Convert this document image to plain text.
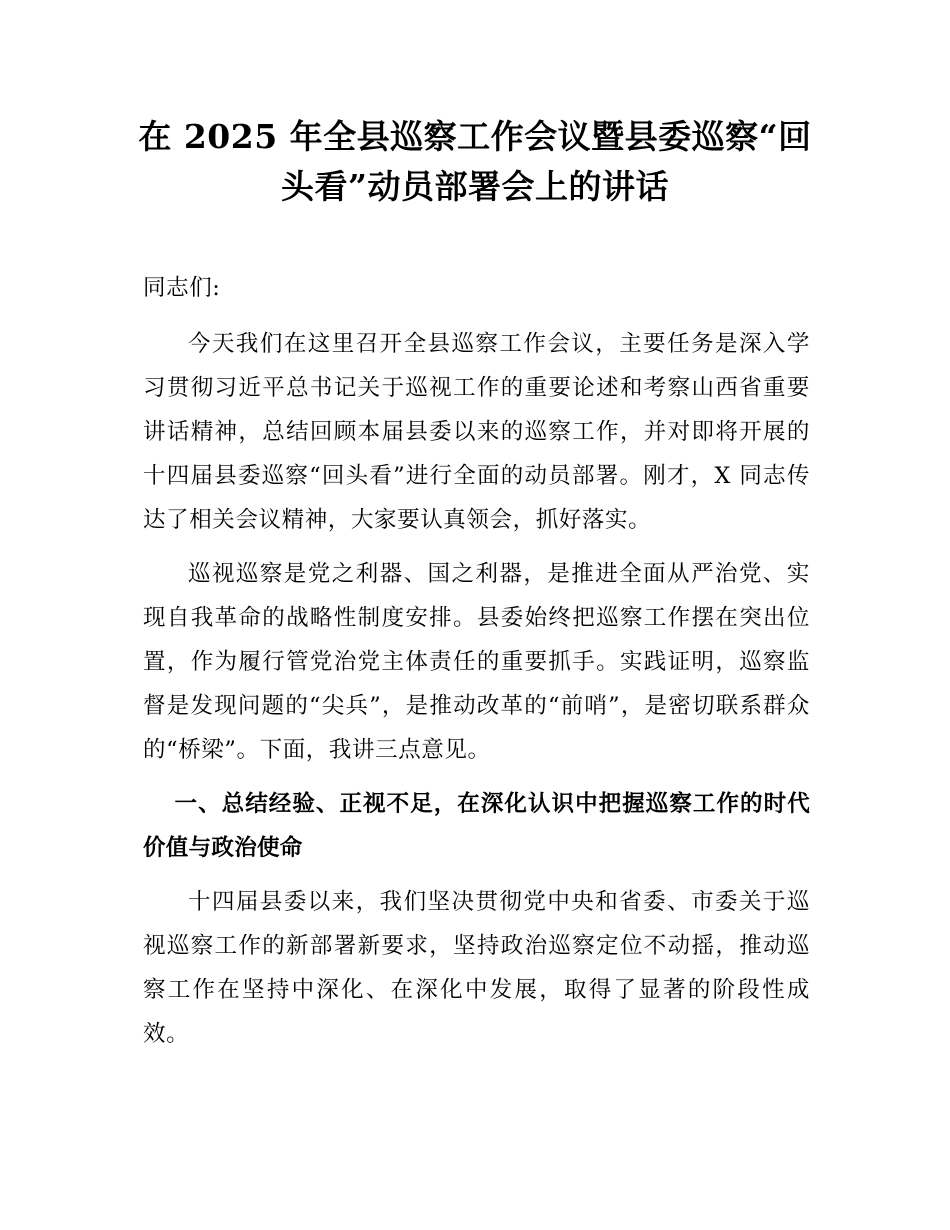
在 2025 年全县巡察工作会议暨县委巡察“回头看”动员部署会上的讲话

同志们:

今天我们在这里召开全县巡察工作会议，主要任务是深入学习贯彻习近平总书记关于巡视工作的重要论述和考察山西省重要讲话精神，总结回顾本届县委以来的巡察工作，并对即将开展的十四届县委巡察“回头看”进行全面的动员部署。刚才，X 同志传达了相关会议精神，大家要认真领会，抓好落实。

巡视巡察是党之利器、国之利器，是推进全面从严治党、实现自我革命的战略性制度安排。县委始终把巡察工作摆在突出位置，作为履行管党治党主体责任的重要抓手。实践证明，巡察监督是发现问题的“尖兵”，是推动改革的“前哨”，是密切联系群众的“桥梁”。下面，我讲三点意见。

一、总结经验、正视不足，在深化认识中把握巡察工作的时代价值与政治使命

十四届县委以来，我们坚决贯彻党中央和省委、市委关于巡视巡察工作的新部署新要求，坚持政治巡察定位不动摇，推动巡察工作在坚持中深化、在深化中发展，取得了显著的阶段性成效。
